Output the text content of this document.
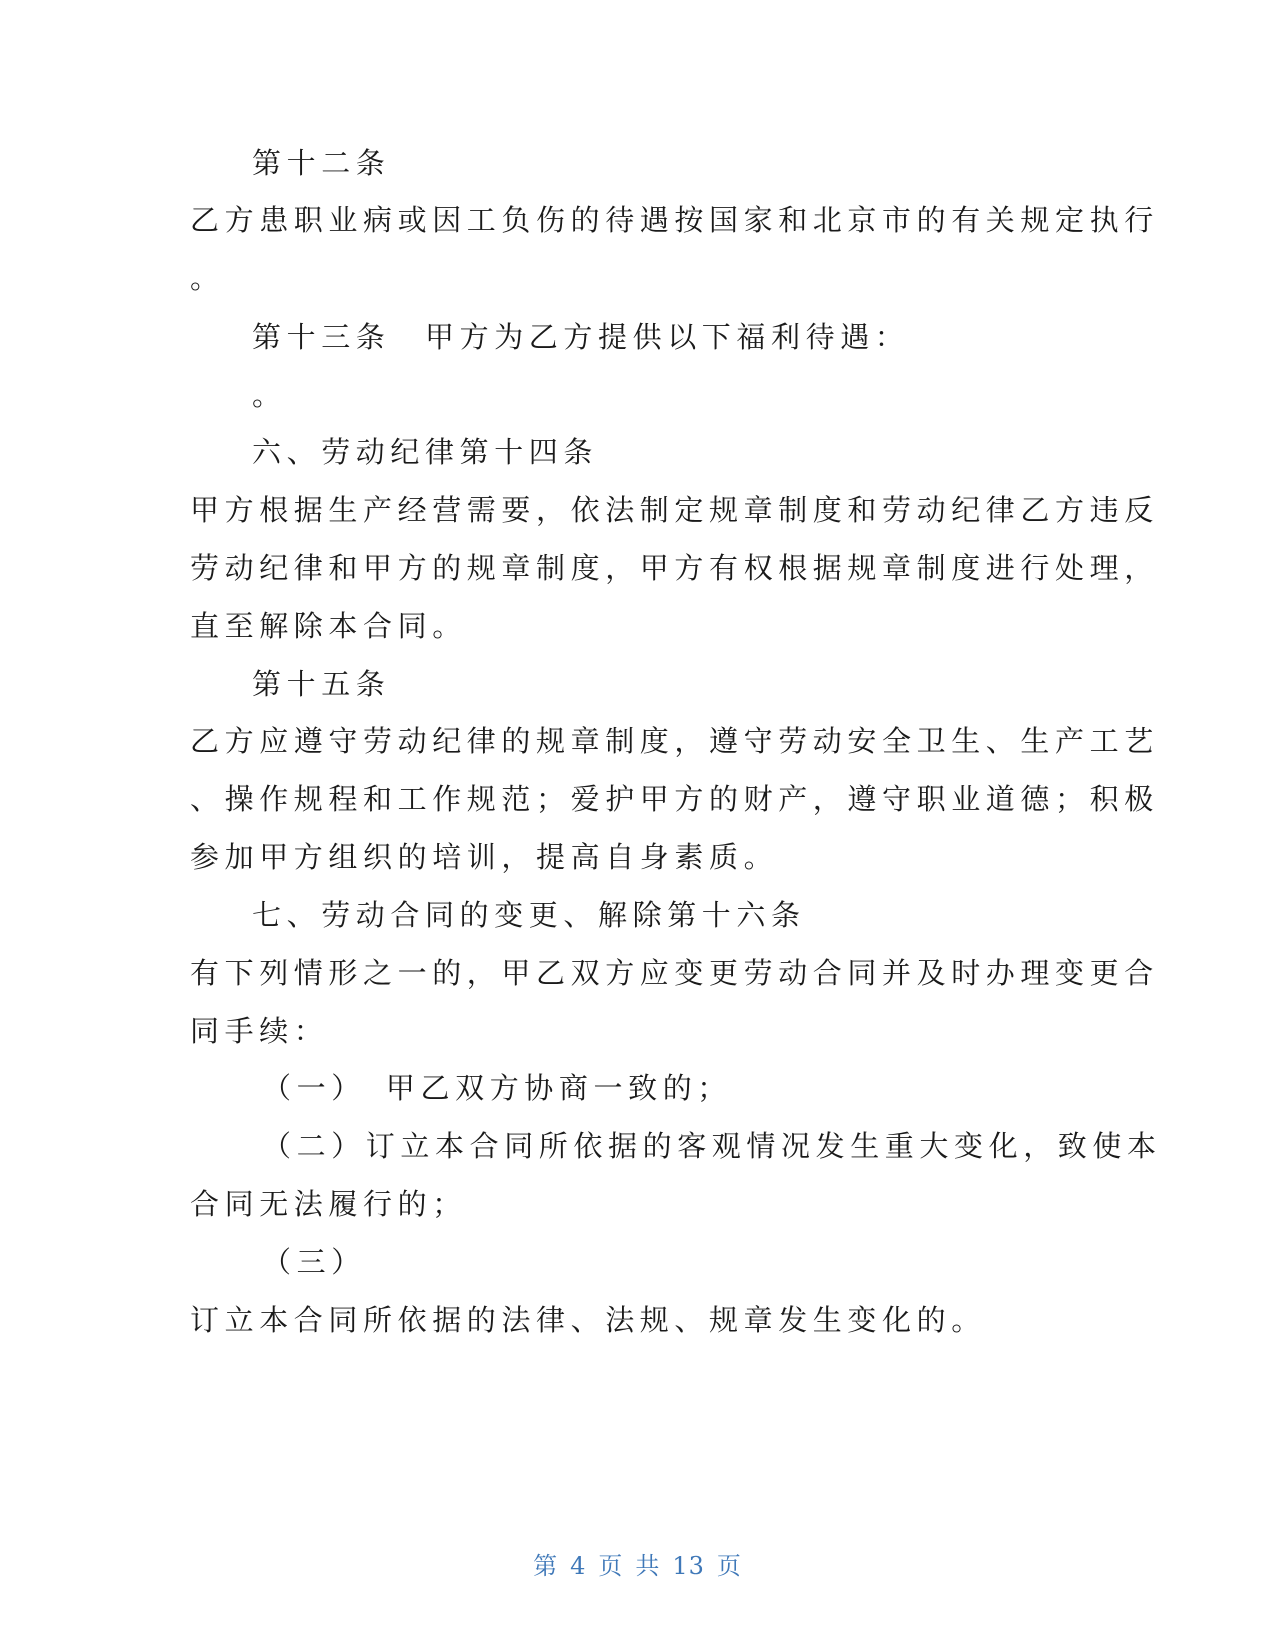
第十二条
乙方患职业病或因工负伤的待遇按国家和北京市的有关规定执行
。
第十三条　甲方为乙方提供以下福利待遇：
。
六、劳动纪律第十四条
甲方根据生产经营需要，依法制定规章制度和劳动纪律乙方违反
劳动纪律和甲方的规章制度，甲方有权根据规章制度进行处理，
直至解除本合同。
第十五条
乙方应遵守劳动纪律的规章制度，遵守劳动安全卫生、生产工艺
、操作规程和工作规范；爱护甲方的财产，遵守职业道德；积极
参加甲方组织的培训，提高自身素质。
七、劳动合同的变更、解除第十六条
有下列情形之一的，甲乙双方应变更劳动合同并及时办理变更合
同手续：
（一）　甲乙双方协商一致的；
（二）订立本合同所依据的客观情况发生重大变化，致使本
合同无法履行的；
（三）
订立本合同所依据的法律、法规、规章发生变化的。
第 4 页 共 13 页
